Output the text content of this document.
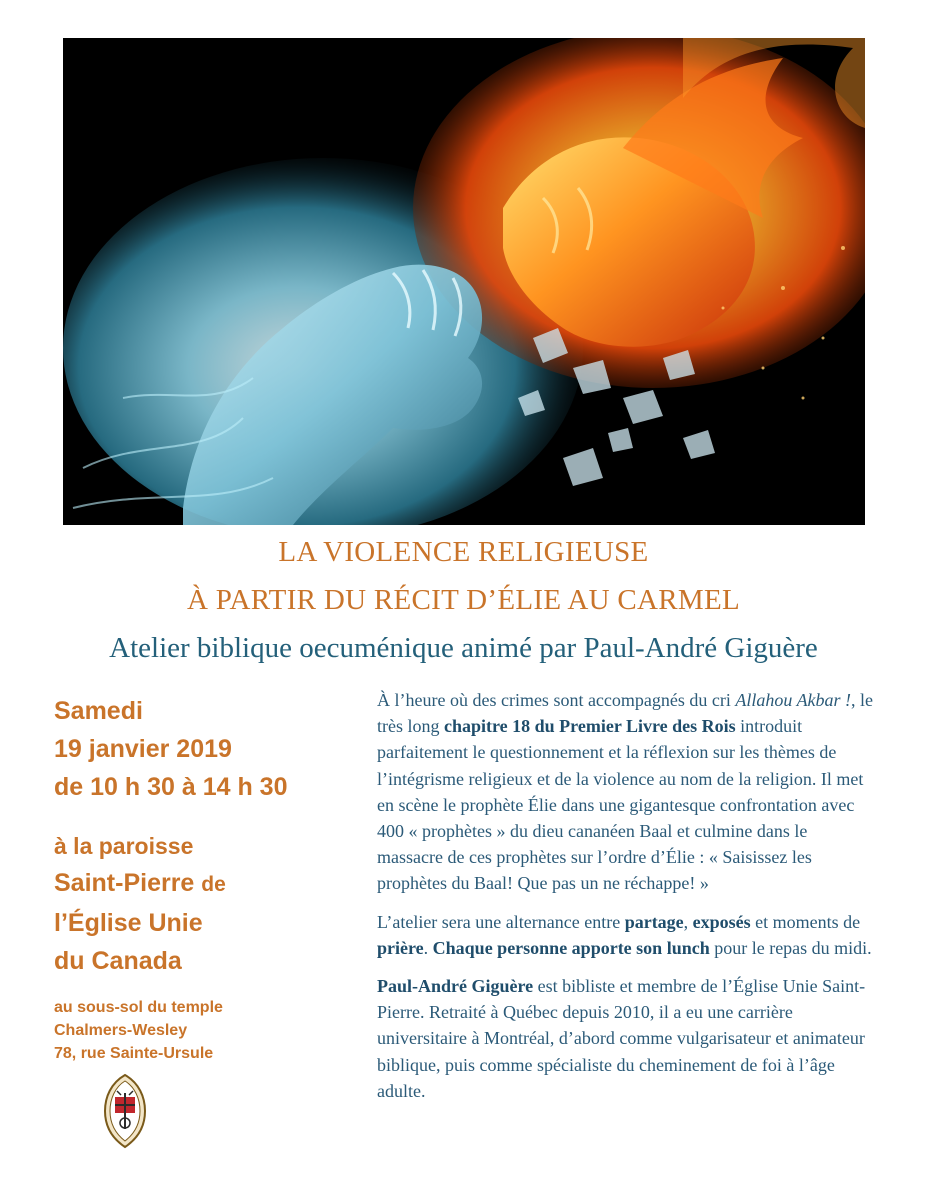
LA VIOLENCE RELIGIEUSE
À PARTIR DU RÉCIT D’ÉLIE AU CARMEL
Atelier biblique oecuménique animé par Paul-André Giguère

Samedi

19 janvier 2019

de 10 h 30 à 14 h 30

à la paroisse

Saint-Pierre de

l’Église Unie

du Canada

au sous-sol du temple

Chalmers-Wesley

78, rue Sainte-Ursule

À l’heure où des crimes sont accompagnés du cri Allahou Akbar !, le très long chapitre 18 du Premier Livre des Rois introduit parfaitement le questionnement et la réflexion sur les thèmes de l’intégrisme religieux et de la violence au nom de la religion. Il met en scène le prophète Élie dans une gigantesque confrontation avec 400 « prophètes » du dieu cananéen Baal et culmine dans le massacre de ces prophètes sur l’ordre d’Élie : « Saisissez les prophètes du Baal! Que pas un ne réchappe! »

L’atelier sera une alternance entre partage, exposés et moments de prière. Chaque personne apporte son lunch pour le repas du midi.

Paul-André Giguère est bibliste et membre de l’Église Unie Saint-Pierre. Retraité à Québec depuis 2010, il a eu une carrière universitaire à Montréal, d’abord comme vulgarisateur et animateur biblique, puis comme spécialiste du cheminement de foi à l’âge adulte.
